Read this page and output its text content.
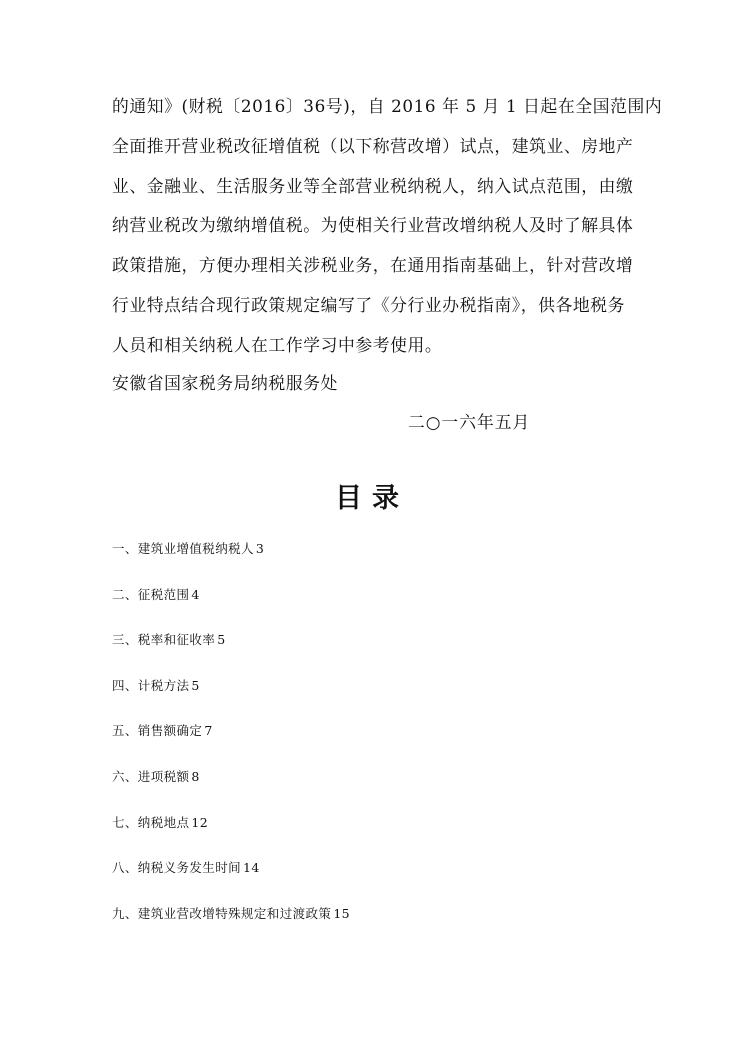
的通知》(财税〔2016〕36号)，自 2016 年 5 月 1 日起在全国范围内
全面推开营业税改征增值税（以下称营改增）试点，建筑业、房地产
业、金融业、生活服务业等全部营业税纳税人，纳入试点范围，由缴
纳营业税改为缴纳增值税。为使相关行业营改增纳税人及时了解具体
政策措施，方便办理相关涉税业务，在通用指南基础上，针对营改增
行业特点结合现行政策规定编写了《分行业办税指南》，供各地税务
人员和相关纳税人在工作学习中参考使用。
安徽省国家税务局纳税服务处
二○一六年五月
目录
一、建筑业增值税纳税人 3
二、征税范围 4
三、税率和征收率 5
四、计税方法 5
五、销售额确定 7
六、进项税额 8
七、纳税地点 12
八、纳税义务发生时间 14
九、建筑业营改增特殊规定和过渡政策 15
